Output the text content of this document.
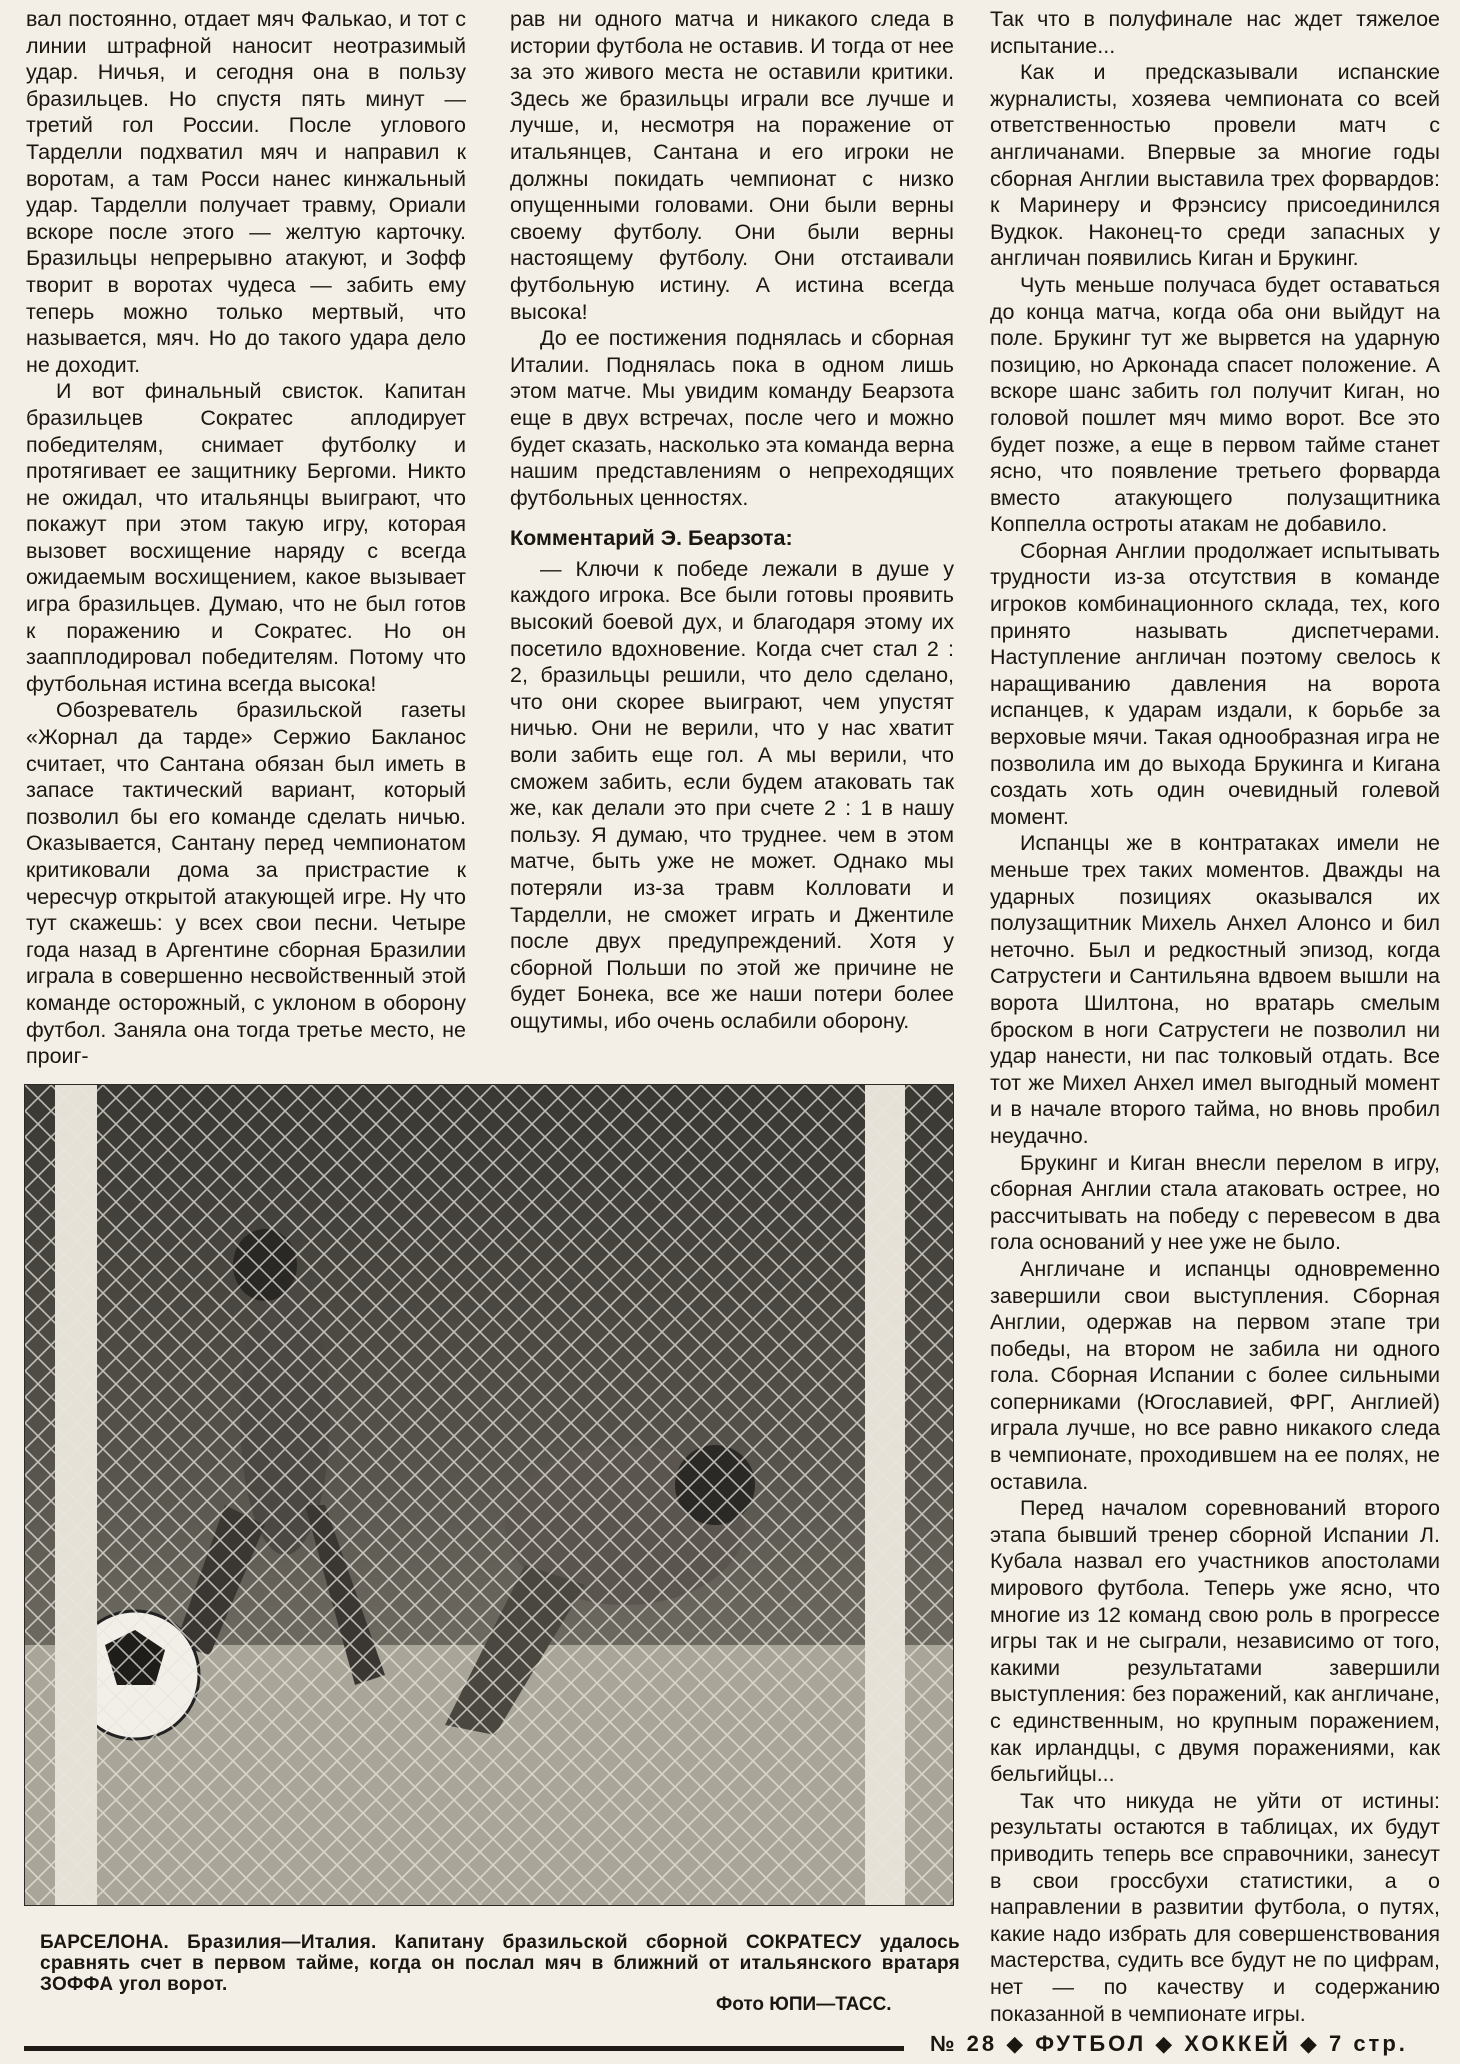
вал постоянно, отдает мяч Фалькао, и тот с линии штрафной наносит неотразимый удар. Ничья, и сегодня она в пользу бразильцев. Но спустя пять минут — третий гол России. После углового Тарделли подхватил мяч и направил к воротам, а там Росси нанес кинжальный удар. Тарделли получает травму, Ориали вскоре после этого — желтую карточку. Бразильцы непрерывно атакуют, и Зофф творит в воротах чудеса — забить ему теперь можно только мертвый, что называется, мяч. Но до такого удара дело не доходит.

И вот финальный свисток. Капитан бразильцев Сократес аплодирует победителям, снимает футболку и протягивает ее защитнику Бергоми. Никто не ожидал, что итальянцы выиграют, что покажут при этом такую игру, которая вызовет восхищение наряду с всегда ожидаемым восхищением, какое вызывает игра бразильцев. Думаю, что не был готов к поражению и Сократес. Но он заапплодировал победителям. Потому что футбольная истина всегда высока!

Обозреватель бразильской газеты «Жорнал да тарде» Сержио Бакланос считает, что Сантана обязан был иметь в запасе тактический вариант, который позволил бы его команде сделать ничью. Оказывается, Сантану перед чемпионатом критиковали дома за пристрастие к чересчур открытой атакующей игре. Ну что тут скажешь: у всех свои песни. Четыре года назад в Аргентине сборная Бразилии играла в совершенно несвойственный этой команде осторожный, с уклоном в оборону футбол. Заняла она тогда третье место, не проиг-

рав ни одного матча и никакого следа в истории футбола не оставив. И тогда от нее за это живого места не оставили критики. Здесь же бразильцы играли все лучше и лучше, и, несмотря на поражение от итальянцев, Сантана и его игроки не должны покидать чемпионат с низко опущенными головами. Они были верны своему футболу. Они были верны настоящему футболу. Они отстаивали футбольную истину. А истина всегда высока!

До ее постижения поднялась и сборная Италии. Поднялась пока в одном лишь этом матче. Мы увидим команду Беарзота еще в двух встречах, после чего и можно будет сказать, насколько эта команда верна нашим представлениям о непреходящих футбольных ценностях.

Комментарий Э. Беарзота:

— Ключи к победе лежали в душе у каждого игрока. Все были готовы проявить высокий боевой дух, и благодаря этому их посетило вдохновение. Когда счет стал 2 : 2, бразильцы решили, что дело сделано, что они скорее выиграют, чем упустят ничью. Они не верили, что у нас хватит воли забить еще гол. А мы верили, что сможем забить, если будем атаковать так же, как делали это при счете 2 : 1 в нашу пользу. Я думаю, что труднее. чем в этом матче, быть уже не может. Однако мы потеряли из-за травм Колловати и Тарделли, не сможет играть и Джентиле после двух предупреждений. Хотя у сборной Польши по этой же причине не будет Бонека, все же наши потери более ощутимы, ибо очень ослабили оборону.

Так что в полуфинале нас ждет тяжелое испытание...

Как и предсказывали испанские журналисты, хозяева чемпионата со всей ответственностью провели матч с англичанами. Впервые за многие годы сборная Англии выставила трех форвардов: к Маринеру и Фрэнсису присоединился Вудкок. Наконец-то среди запасных у англичан появились Киган и Брукинг.

Чуть меньше получаса будет оставаться до конца матча, когда оба они выйдут на поле. Брукинг тут же вырвется на ударную позицию, но Арконада спасет положение. А вскоре шанс забить гол получит Киган, но головой пошлет мяч мимо ворот. Все это будет позже, а еще в первом тайме станет ясно, что появление третьего форварда вместо атакующего полузащитника Коппелла остроты атакам не добавило.

Сборная Англии продолжает испытывать трудности из-за отсутствия в команде игроков комбинационного склада, тех, кого принято называть диспетчерами. Наступление англичан поэтому свелось к наращиванию давления на ворота испанцев, к ударам издали, к борьбе за верховые мячи. Такая однообразная игра не позволила им до выхода Брукинга и Кигана создать хоть один очевидный голевой момент.

Испанцы же в контратаках имели не меньше трех таких моментов. Дважды на ударных позициях оказывался их полузащитник Михель Анхел Алонсо и бил неточно. Был и редкостный эпизод, когда Сатрустеги и Сантильяна вдвоем вышли на ворота Шилтона, но вратарь смелым броском в ноги Сатрустеги не позволил ни удар нанести, ни пас толковый отдать. Все тот же Михел Анхел имел выгодный момент и в начале второго тайма, но вновь пробил неудачно.

Брукинг и Киган внесли перелом в игру, сборная Англии стала атаковать острее, но рассчитывать на победу с перевесом в два гола оснований у нее уже не было.

Англичане и испанцы одновременно завершили свои выступления. Сборная Англии, одержав на первом этапе три победы, на втором не забила ни одного гола. Сборная Испании с более сильными соперниками (Югославией, ФРГ, Англией) играла лучше, но все равно никакого следа в чемпионате, проходившем на ее полях, не оставила.

Перед началом соревнований второго этапа бывший тренер сборной Испании Л. Кубала назвал его участников апостолами мирового футбола. Теперь уже ясно, что многие из 12 команд свою роль в прогрессе игры так и не сыграли, независимо от того, какими результатами завершили выступления: без поражений, как англичане, с единственным, но крупным поражением, как ирландцы, с двумя поражениями, как бельгийцы...

Так что никуда не уйти от истины: результаты остаются в таблицах, их будут приводить теперь все справочники, занесут в свои гроссбухи статистики, а о направлении в развитии футбола, о путях, какие надо избрать для совершенствования мастерства, судить все будут не по цифрам, нет — по качеству и содержанию показанной в чемпионате игры.

БАРСЕЛОНА. Бразилия—Италия. Капитану бразильской сборной СОКРАТЕСУ удалось сравнять счет в первом тайме, когда он послал мяч в ближний от итальянского вратаря ЗОФФА угол ворот.
Фото ЮПИ—ТАСС.
№ 28 ◆ ФУТБОЛ ◆ ХОККЕЙ ◆ 7 стр.
